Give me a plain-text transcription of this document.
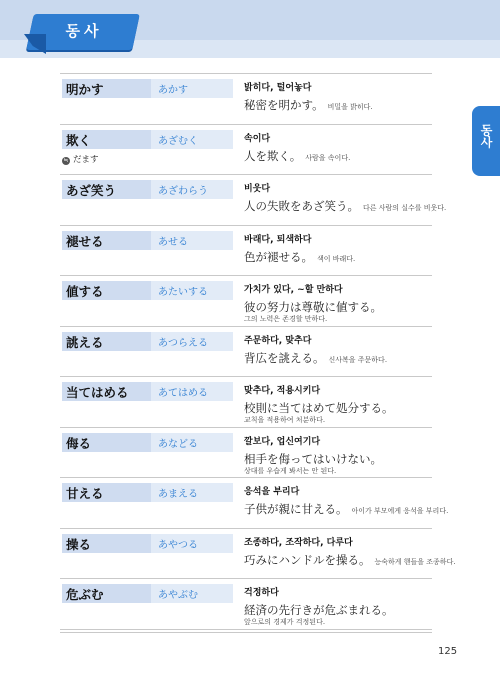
동사
동사
明かす	あかす	밝히다, 털어놓다
秘密を明かす。 비밀을 밝히다.
欺く	あざむく
≒ だます
속이다
人を欺く。 사람을 속이다.
あざ笑う	あざわらう	비웃다
人の失敗をあざ笑う。 다른 사람의 실수를 비웃다.
褪せる	あせる	바래다, 퇴색하다
色が褪せる。 색이 바래다.
値する	あたいする	가치가 있다, ~할 만하다
彼の努力は尊敬に値する。
그의 노력은 존경할 만하다.
誂える	あつらえる	주문하다, 맞추다
背広を誂える。 신사복을 주문하다.
当てはめる	あてはめる	맞추다, 적용시키다
校則に当てはめて処分する。
교칙을 적용하여 처분하다.
侮る	あなどる	깔보다, 업신여기다
相手を侮ってはいけない。
상대를 우습게 봐서는 안 된다.
甘える	あまえる	응석을 부리다
子供が親に甘える。 아이가 부모에게 응석을 부리다.
操る	あやつる	조종하다, 조작하다, 다루다
巧みにハンドルを操る。 능숙하게 핸들을 조종하다.
危ぶむ	あやぶむ	걱정하다
経済の先行きが危ぶまれる。
앞으로의 경제가 걱정된다.
125
